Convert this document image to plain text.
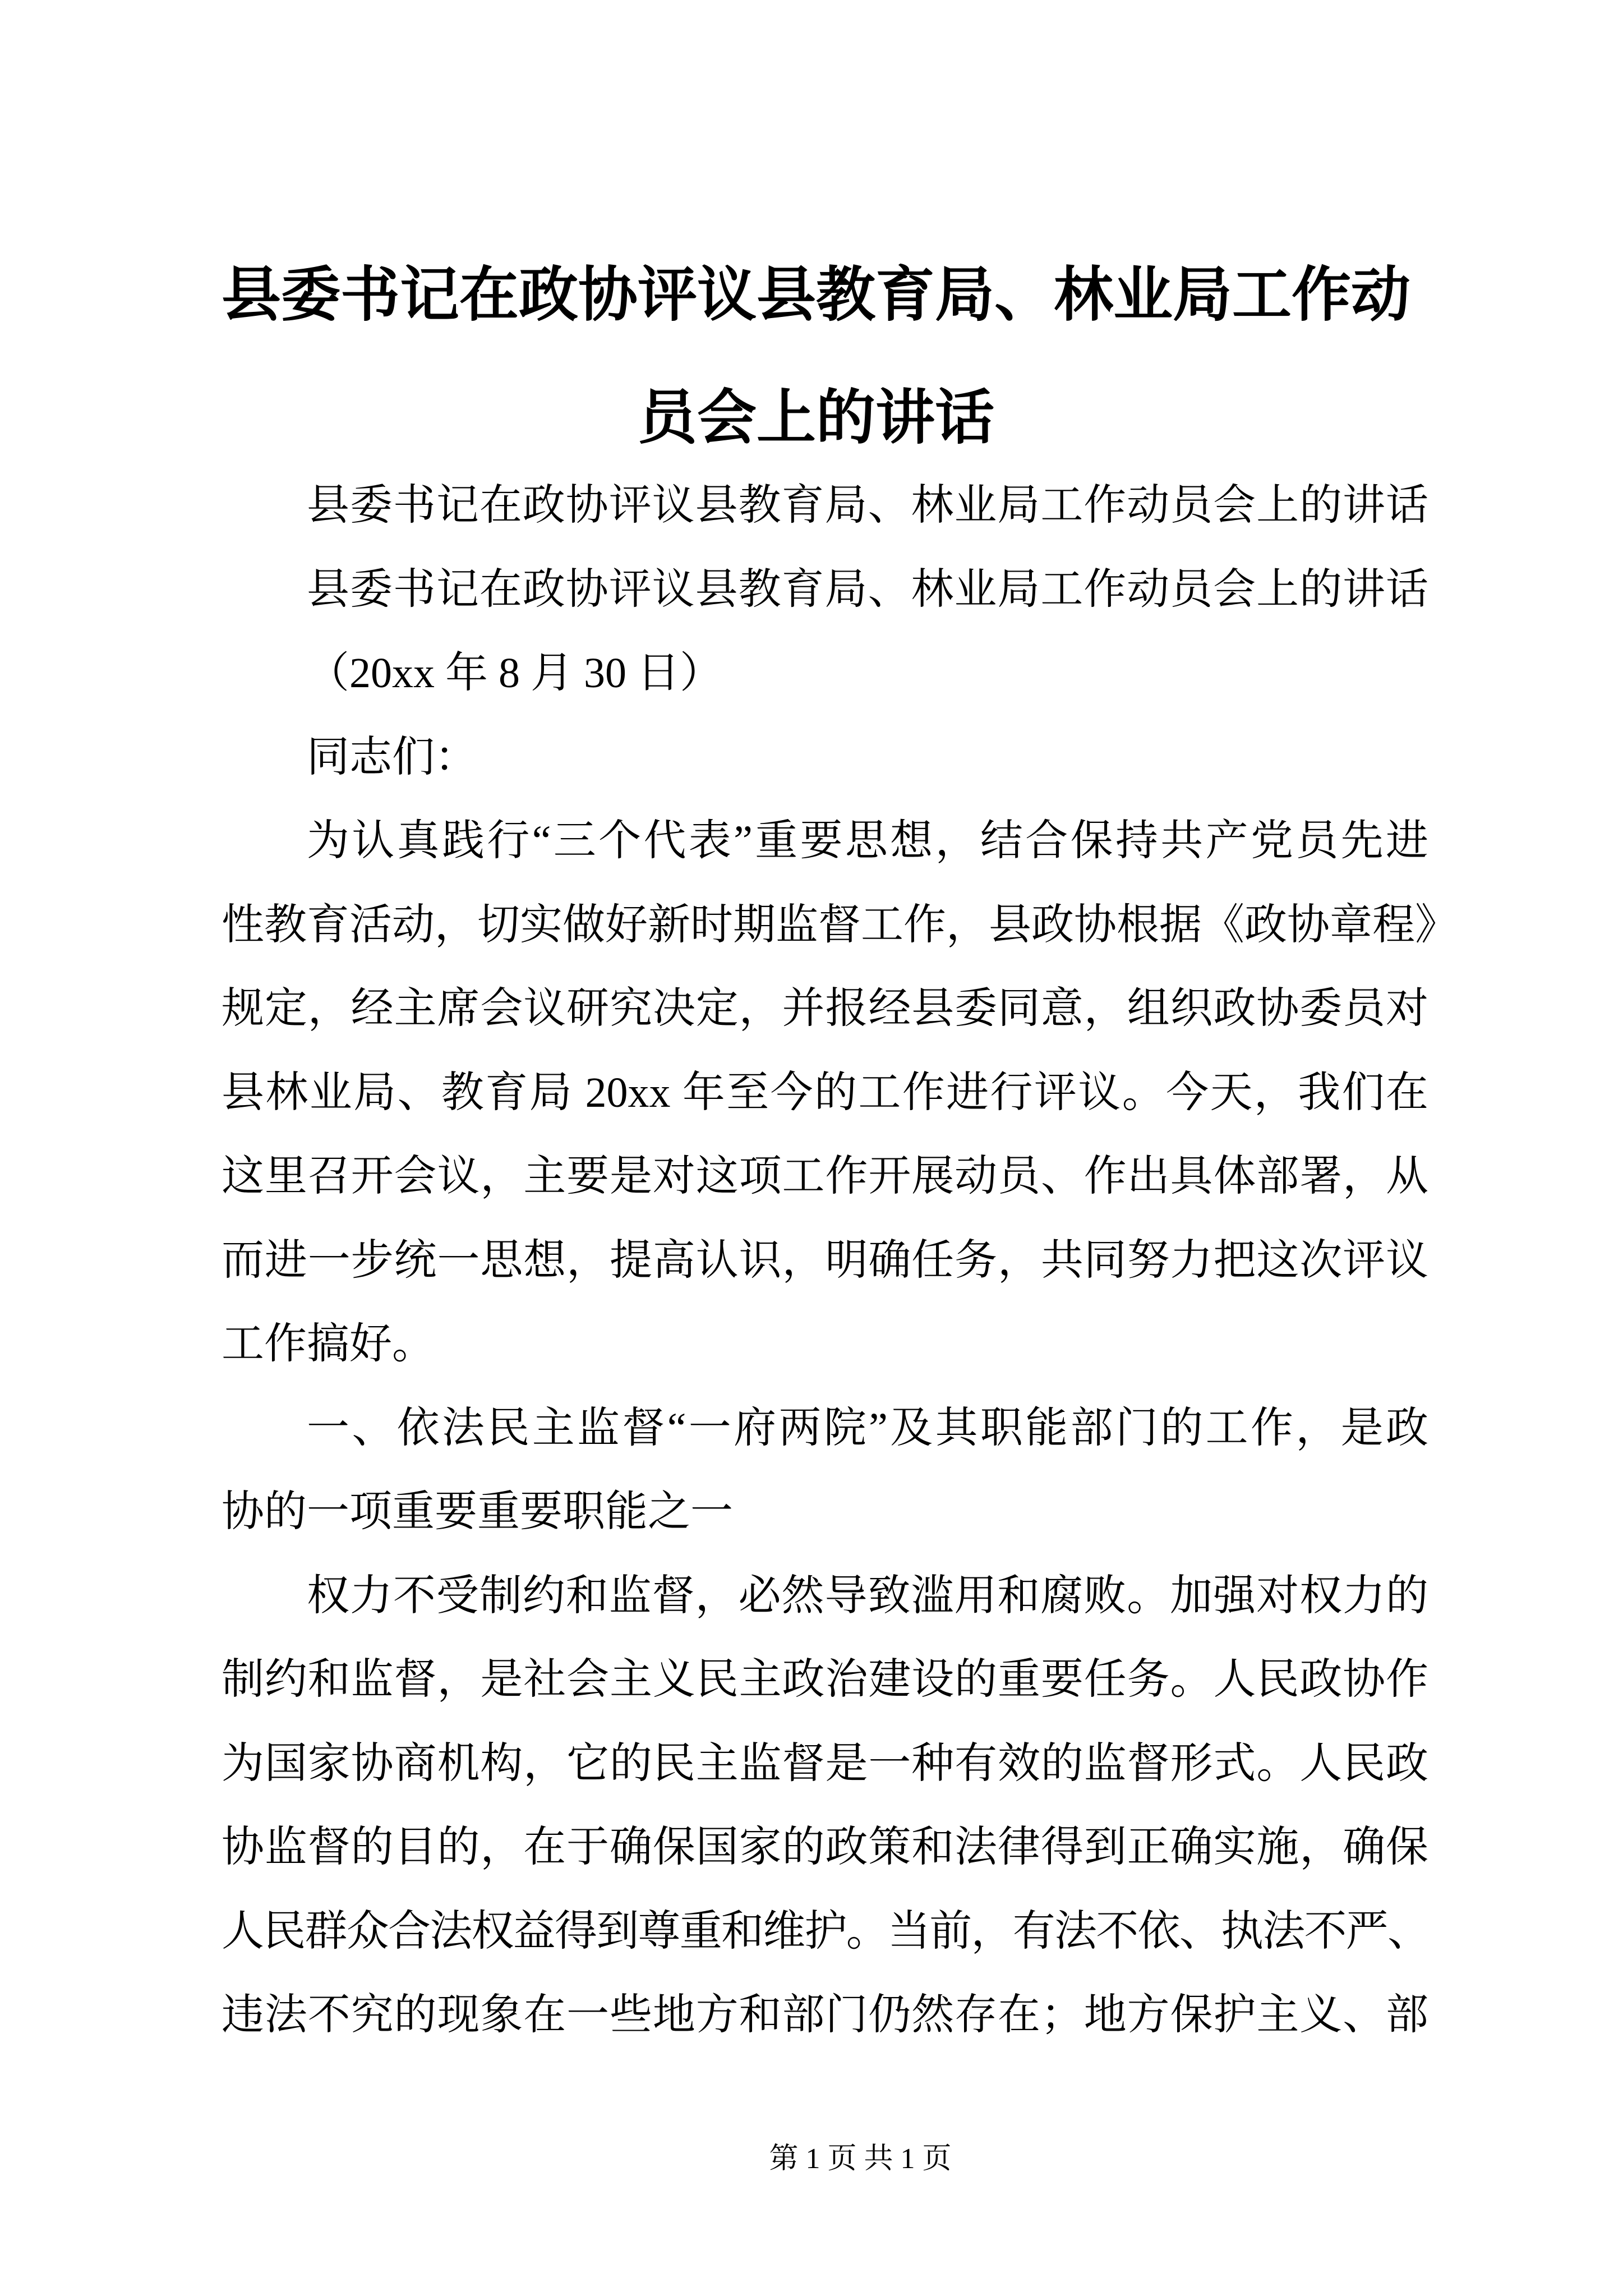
县委书记在政协评议县教育局、林业局工作动
员会上的讲话
县委书记在政协评议县教育局、林业局工作动员会上的讲话
县委书记在政协评议县教育局、林业局工作动员会上的讲话
（20xx 年 8 月 30 日）
同志们：
为认真践行“三个代表”重要思想，结合保持共产党员先进
性教育活动，切实做好新时期监督工作，县政协根据《政协章程》
规定，经主席会议研究决定，并报经县委同意，组织政协委员对
县林业局、教育局 20xx 年至今的工作进行评议。今天，我们在
这里召开会议，主要是对这项工作开展动员、作出具体部署，从
而进一步统一思想，提高认识，明确任务，共同努力把这次评议
工作搞好。
一、依法民主监督“一府两院”及其职能部门的工作，是政
协的一项重要重要职能之一
权力不受制约和监督，必然导致滥用和腐败。加强对权力的
制约和监督，是社会主义民主政治建设的重要任务。人民政协作
为国家协商机构，它的民主监督是一种有效的监督形式。人民政
协监督的目的，在于确保国家的政策和法律得到正确实施，确保
人民群众合法权益得到尊重和维护。当前，有法不依、执法不严、
违法不究的现象在一些地方和部门仍然存在；地方保护主义、部
第 1 页 共 1 页
